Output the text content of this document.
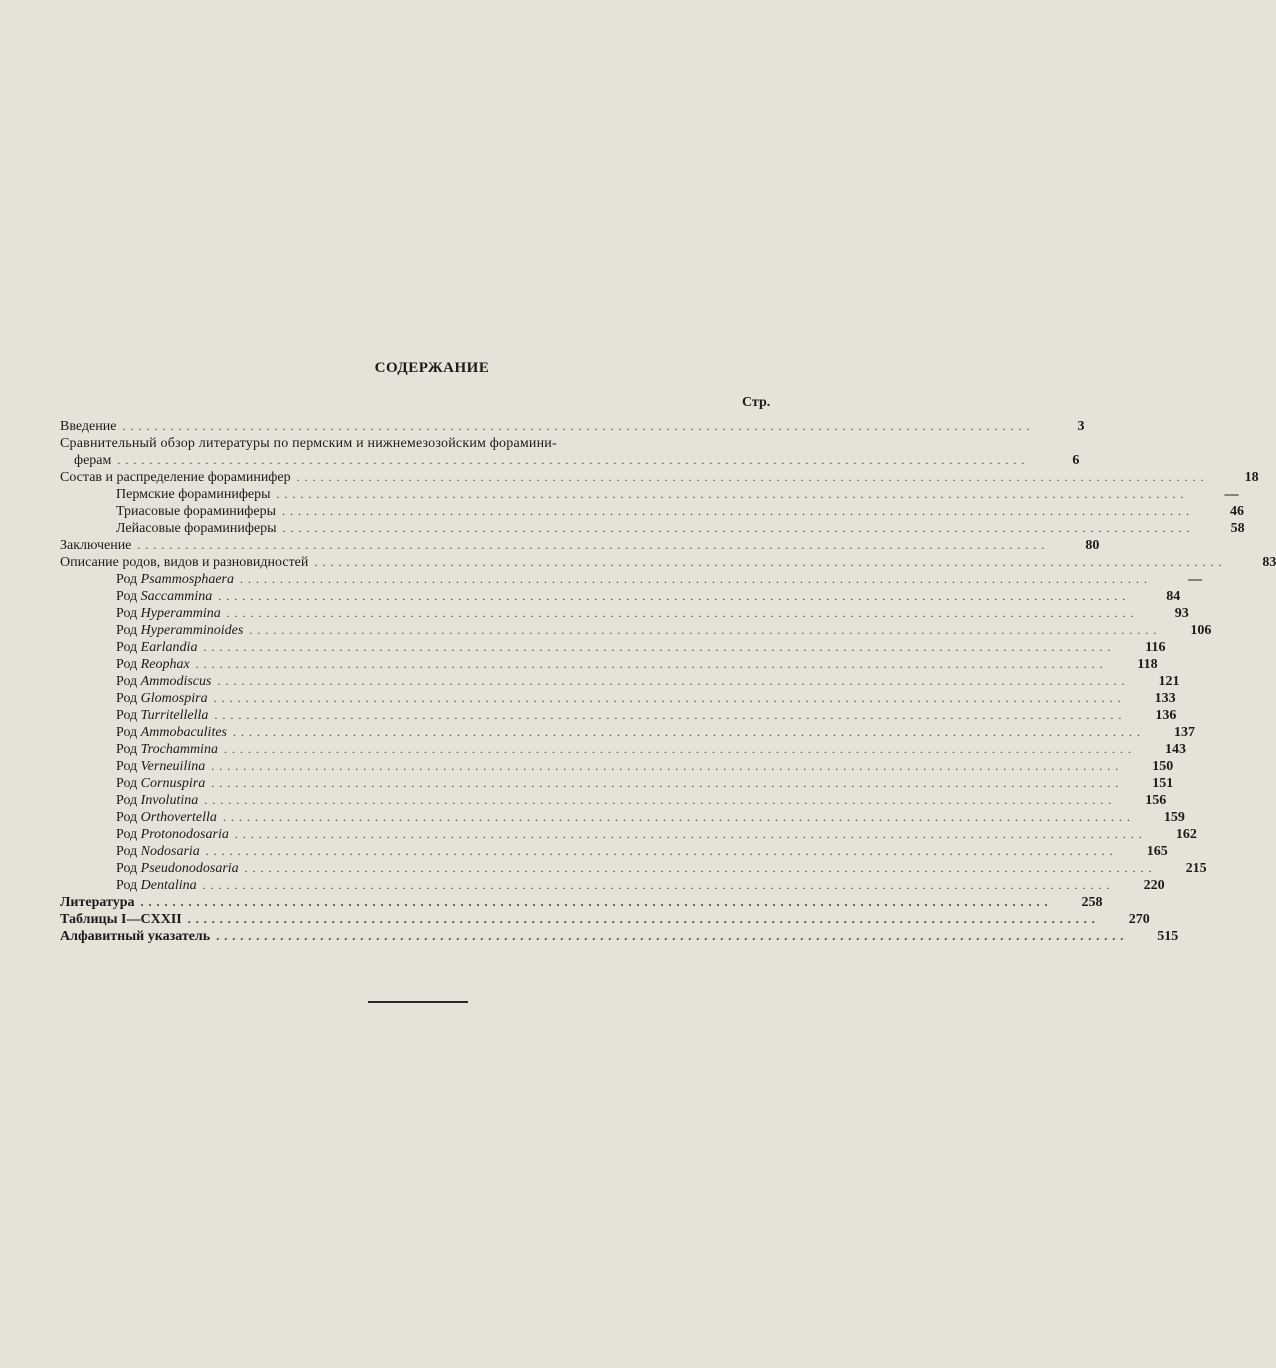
СОДЕРЖАНИЕ
Стр.
Введение ..................................................................................................................	3
Сравнительный обзор литературы по пермским и нижнемезозойским форамини-
ферам ..................................................................................................................	6
Состав и распределение фораминифер ..................................................................................................................	18
Пермские фораминиферы ..................................................................................................................	—
Триасовые фораминиферы ..................................................................................................................	46
Лейасовые фораминиферы ..................................................................................................................	58
Заключение ..................................................................................................................	80
Описание родов, видов и разновидностей ..................................................................................................................	83
Род Psammosphaera ..................................................................................................................	—
Род Saccammina ..................................................................................................................	84
Род Hyperammina ..................................................................................................................	93
Род Hyperamminoides ..................................................................................................................	106
Род Earlandia ..................................................................................................................	116
Род Reophax ..................................................................................................................	118
Род Ammodiscus ..................................................................................................................	121
Род Glomospira ..................................................................................................................	133
Род Turritellella ..................................................................................................................	136
Род Ammobaculites ..................................................................................................................	137
Род Trochammina ..................................................................................................................	143
Род Verneuilina ..................................................................................................................	150
Род Cornuspira ..................................................................................................................	151
Род Involutina ..................................................................................................................	156
Род Orthovertella ..................................................................................................................	159
Род Protonodosaria ..................................................................................................................	162
Род Nodosaria ..................................................................................................................	165
Род Pseudonodosaria ..................................................................................................................	215
Род Dentalina ..................................................................................................................	220
Литература ..................................................................................................................	258
Таблицы I—CXXII ..................................................................................................................	270
Алфавитный указатель ..................................................................................................................	515
